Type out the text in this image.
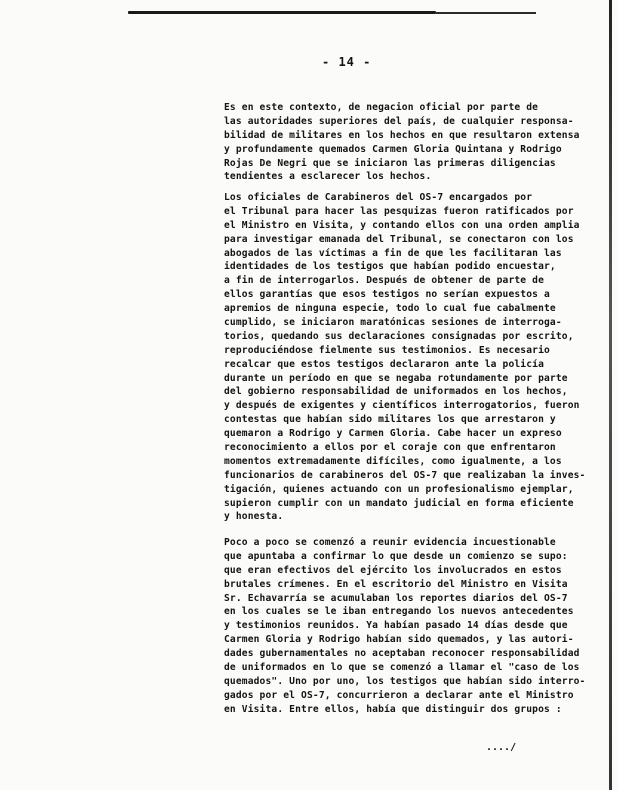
- 14 -
Es en este contexto, de negacion oficial por parte de
las autoridades superiores del país, de cualquier responsa-
bilidad de militares en los hechos en que resultaron extensa
y profundamente quemados Carmen Gloria Quintana y Rodrigo
Rojas De Negri que se iniciaron las primeras diligencias
tendientes a esclarecer los hechos.
Los oficiales de Carabineros del OS-7 encargados por
el Tribunal para hacer las pesquizas fueron ratificados por
el Ministro en Visita, y contando ellos con una orden amplia
para investigar emanada del Tribunal, se conectaron con los
abogados de las víctimas a fin de que les facilitaran las
identidades de los testigos que habían podido encuestar,
a fin de interrogarlos. Después de obtener de parte de
ellos garantías que esos testigos no serían expuestos a
apremios de ninguna especie, todo lo cual fue cabalmente
cumplido, se iniciaron maratónicas sesiones de interroga-
torios, quedando sus declaraciones consignadas por escrito,
reproduciéndose fielmente sus testimonios. Es necesario
recalcar que estos testigos declararon ante la policía
durante un período en que se negaba rotundamente por parte
del gobierno responsabilidad de uniformados en los hechos,
y después de exigentes y científicos interrogatorios, fueron
contestas que habían sido militares los que arrestaron y
quemaron a Rodrigo y Carmen Gloria. Cabe hacer un expreso
reconocimiento a ellos por el coraje con que enfrentaron
momentos extremadamente difíciles, como igualmente, a los
funcionarios de carabineros del OS-7 que realizaban la inves-
tigación, quienes actuando con un profesionalismo ejemplar,
supieron cumplir con un mandato judicial en forma eficiente
y honesta.
Poco a poco se comenzó a reunir evidencia incuestionable
que apuntaba a confirmar lo que desde un comienzo se supo:
que eran efectivos del ejército los involucrados en estos
brutales crímenes. En el escritorio del Ministro en Visita
Sr. Echavarría se acumulaban los reportes diarios del OS-7
en los cuales se le iban entregando los nuevos antecedentes
y testimonios reunidos. Ya habían pasado 14 días desde que
Carmen Gloria y Rodrigo habían sido quemados, y las autori-
dades gubernamentales no aceptaban reconocer responsabilidad
de uniformados en lo que se comenzó a llamar el "caso de los
quemados". Uno por uno, los testigos que habían sido interro-
gados por el OS-7, concurrieron a declarar ante el Ministro
en Visita. Entre ellos, había que distinguir dos grupos :
..../
